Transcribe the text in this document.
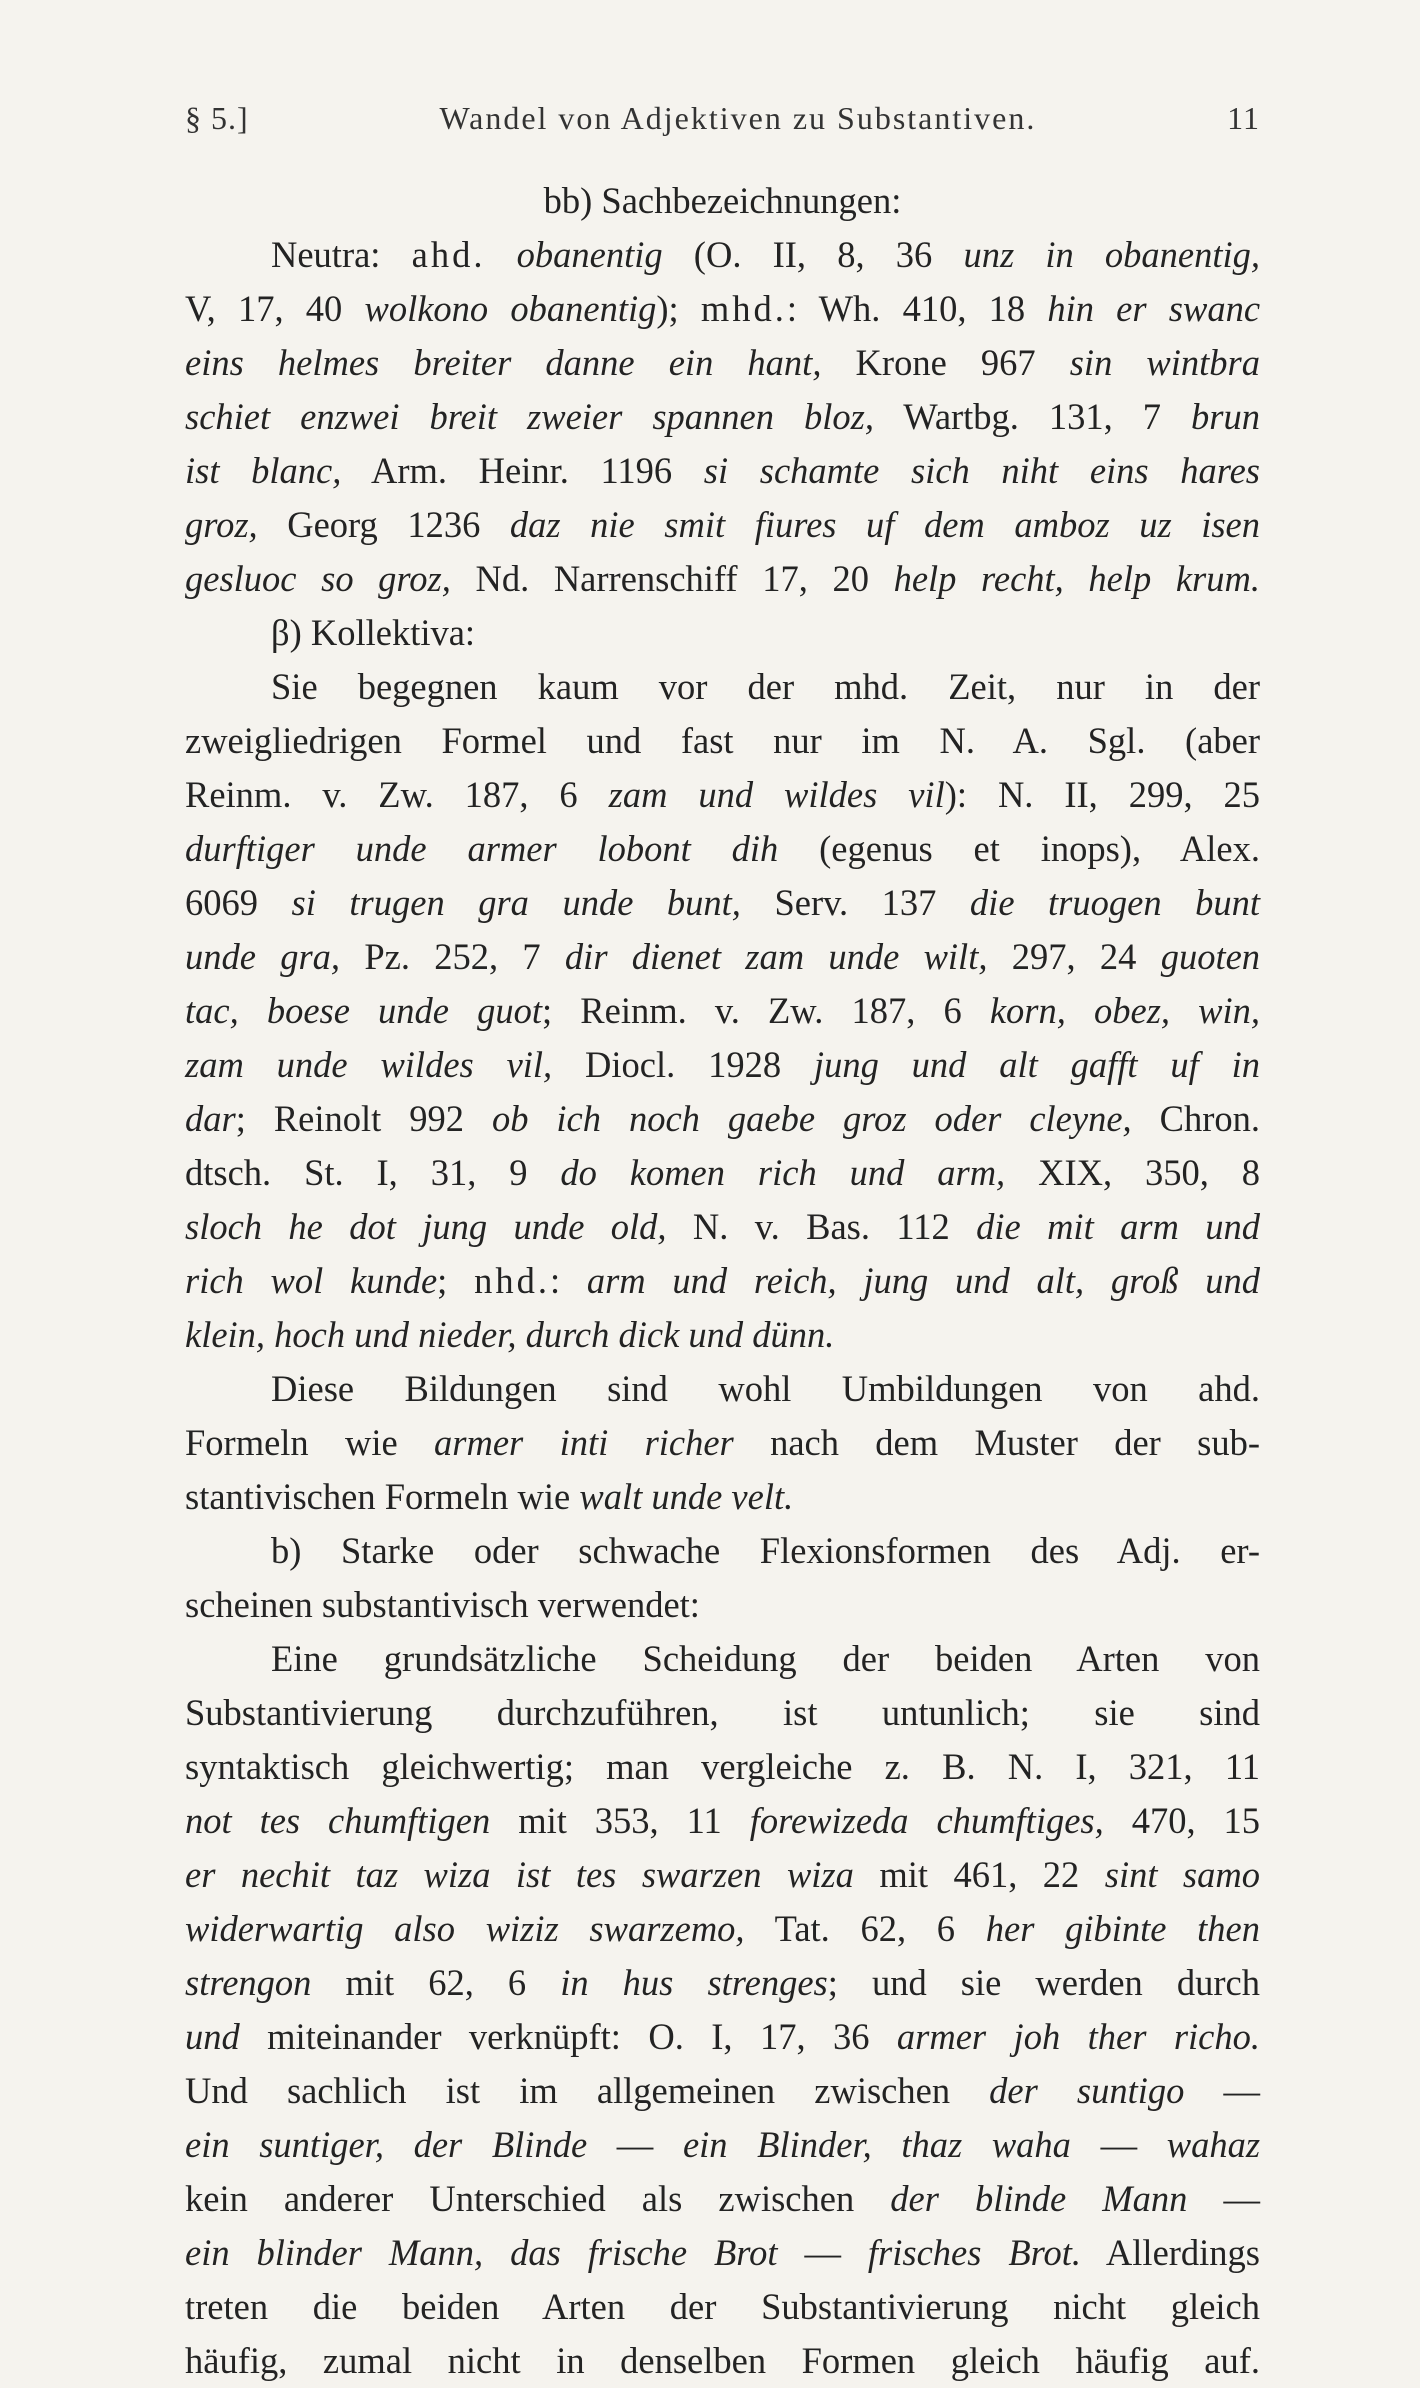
§ 5.]	Wandel von Adjektiven zu Substantiven.	11
bb) Sachbezeichnungen:
Neutra: ahd. obanentig (O. II, 8, 36 unz in obanentig,
V, 17, 40 wolkono obanentig); mhd.: Wh. 410, 18 hin er swanc
eins helmes breiter danne ein hant, Krone 967 sin wintbra
schiet enzwei breit zweier spannen bloz, Wartbg. 131, 7 brun
ist blanc, Arm. Heinr. 1196 si schamte sich niht eins hares
groz, Georg 1236 daz nie smit fiures uf dem amboz uz isen
gesluoc so groz, Nd. Narrenschiff 17, 20 help recht, help krum.
β) Kollektiva:
Sie begegnen kaum vor der mhd. Zeit, nur in der
zweigliedrigen Formel und fast nur im N. A. Sgl. (aber
Reinm. v. Zw. 187, 6 zam und wildes vil): N. II, 299, 25
durftiger unde armer lobont dih (egenus et inops), Alex.
6069 si trugen gra unde bunt, Serv. 137 die truogen bunt
unde gra, Pz. 252, 7 dir dienet zam unde wilt, 297, 24 guoten
tac, boese unde guot; Reinm. v. Zw. 187, 6 korn, obez, win,
zam unde wildes vil, Diocl. 1928 jung und alt gafft uf in
dar; Reinolt 992 ob ich noch gaebe groz oder cleyne, Chron.
dtsch. St. I, 31, 9 do komen rich und arm, XIX, 350, 8
sloch he dot jung unde old, N. v. Bas. 112 die mit arm und
rich wol kunde; nhd.: arm und reich, jung und alt, groß und
klein, hoch und nieder, durch dick und dünn.
Diese Bildungen sind wohl Umbildungen von ahd.
Formeln wie armer inti richer nach dem Muster der sub-
stantivischen Formeln wie walt unde velt.
b) Starke oder schwache Flexionsformen des Adj. er-
scheinen substantivisch verwendet:
Eine grundsätzliche Scheidung der beiden Arten von
Substantivierung durchzuführen, ist untunlich; sie sind
syntaktisch gleichwertig; man vergleiche z. B. N. I, 321, 11
not tes chumftigen mit 353, 11 forewizeda chumftiges, 470, 15
er nechit taz wiza ist tes swarzen wiza mit 461, 22 sint samo
widerwartig also wiziz swarzemo, Tat. 62, 6 her gibinte then
strengon mit 62, 6 in hus strenges; und sie werden durch
und miteinander verknüpft: O. I, 17, 36 armer joh ther richo.
Und sachlich ist im allgemeinen zwischen der suntigo —
ein suntiger, der Blinde — ein Blinder, thaz waha — wahaz
kein anderer Unterschied als zwischen der blinde Mann —
ein blinder Mann, das frische Brot — frisches Brot. Allerdings
treten die beiden Arten der Substantivierung nicht gleich
häufig, zumal nicht in denselben Formen gleich häufig auf.
